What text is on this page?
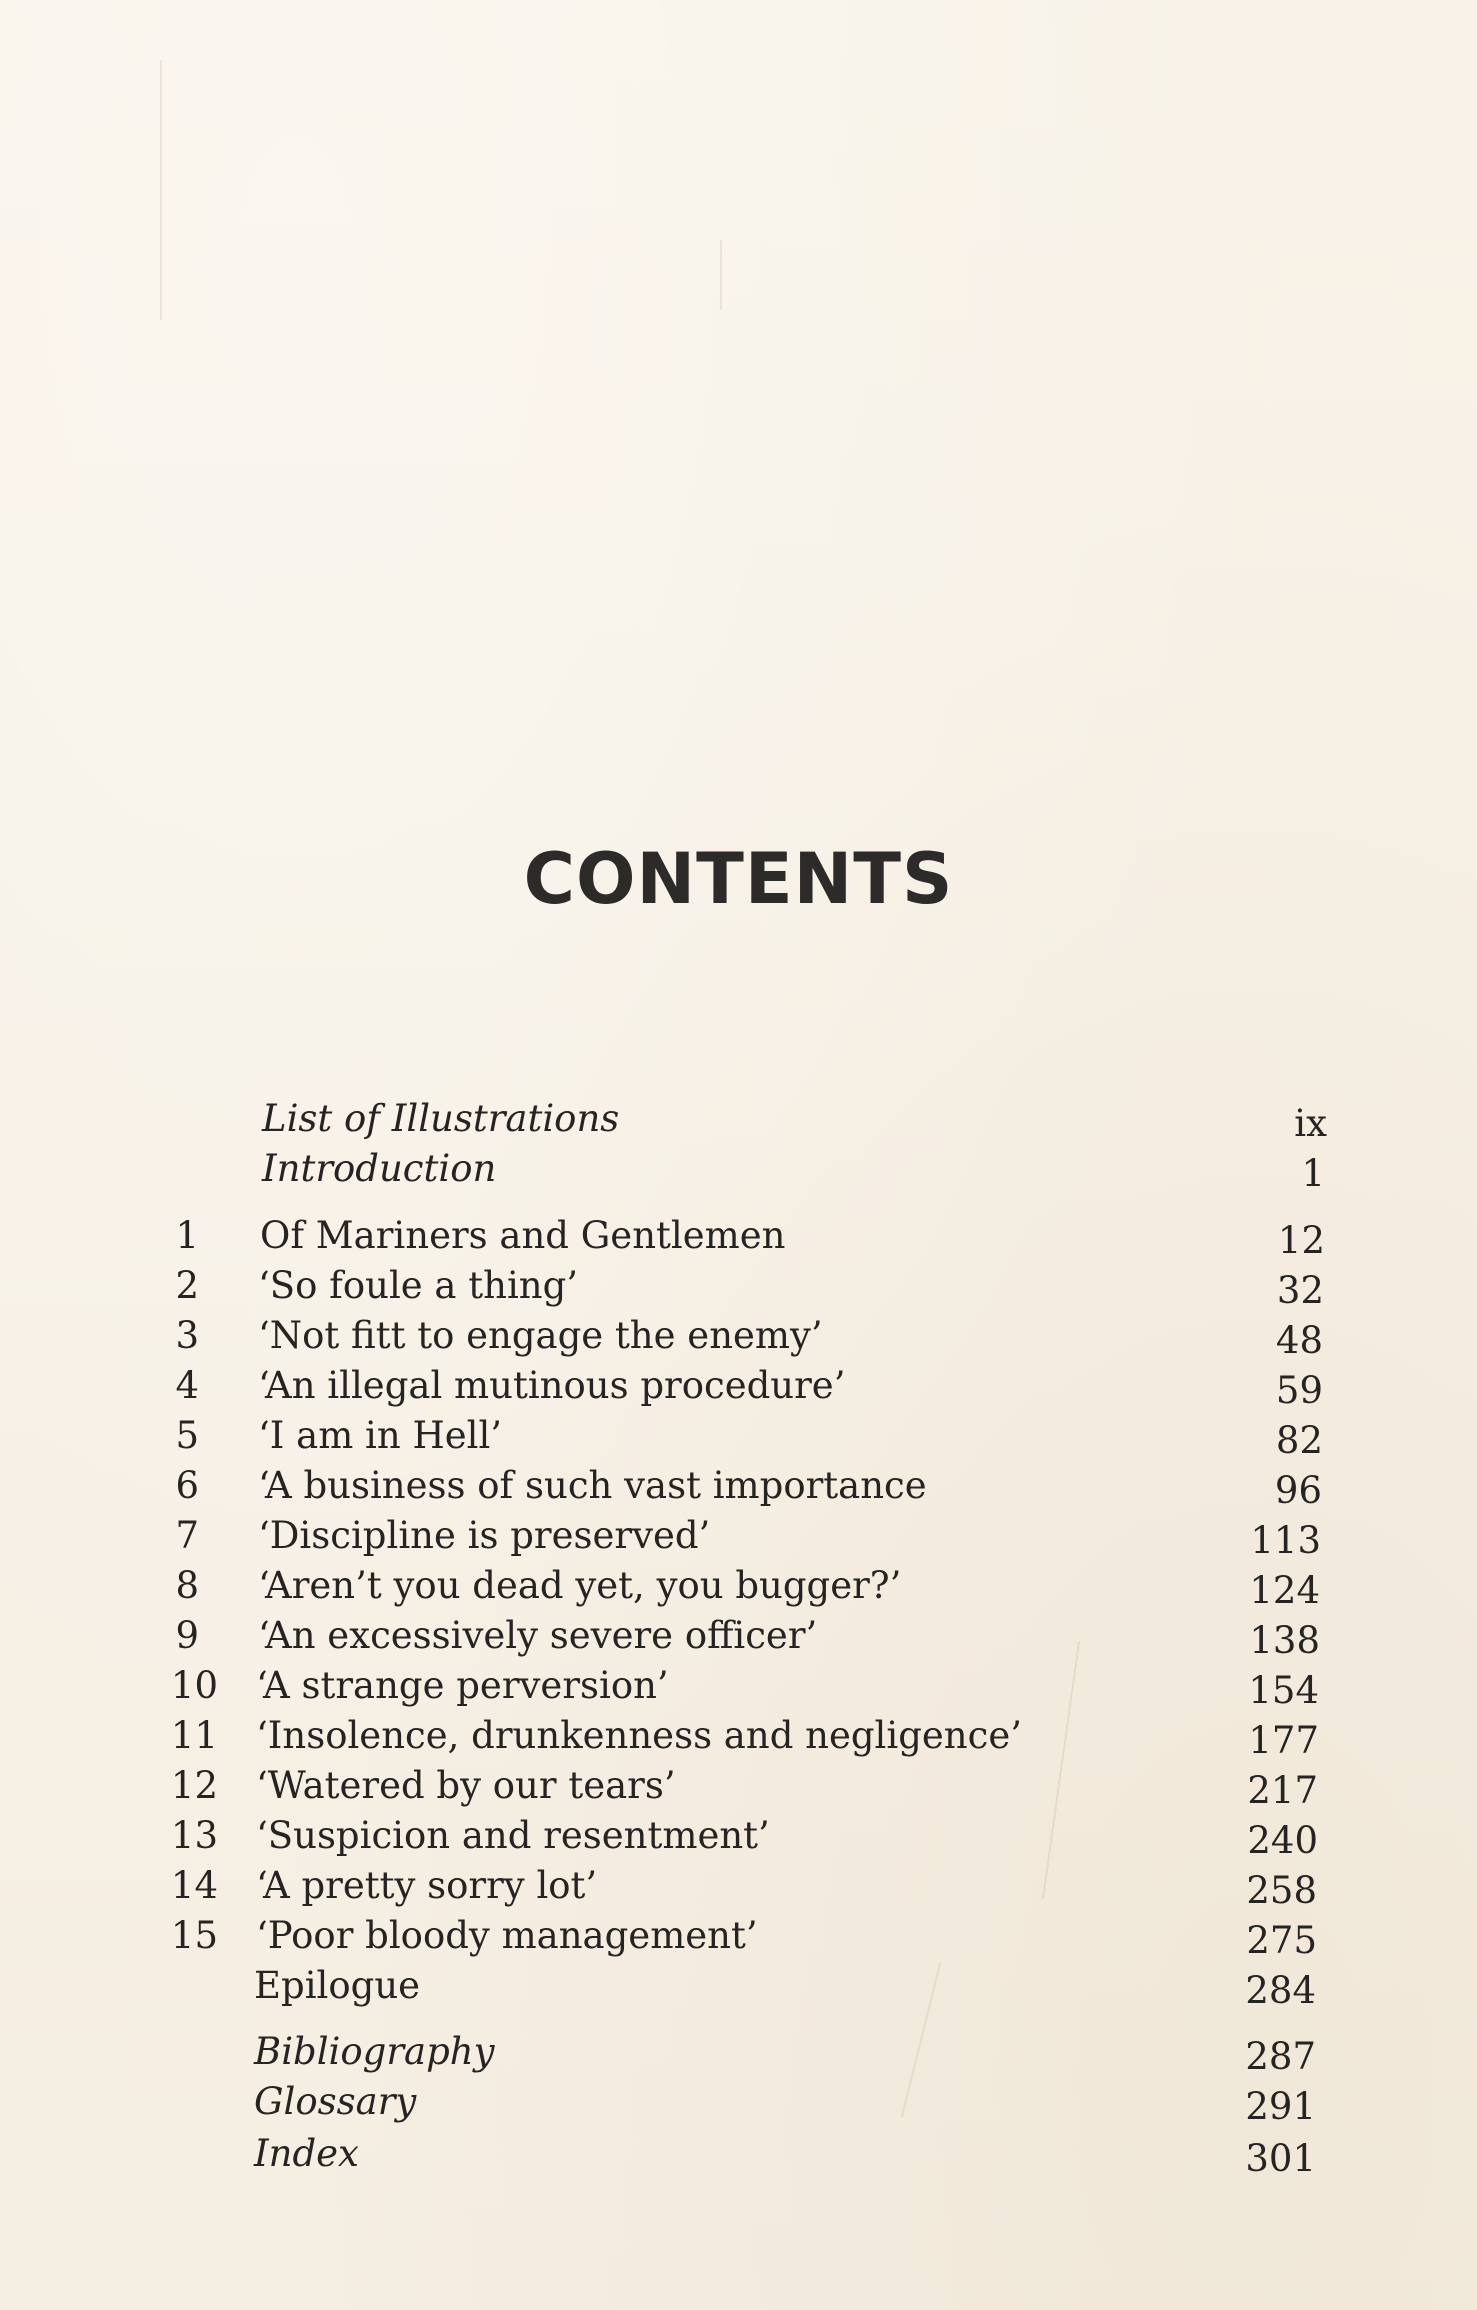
CONTENTS
List of Illustrations	ix
Introduction	1
1 Of Mariners and Gentlemen	12
2 ‘So foule a thing’	32
3 ‘Not fitt to engage the enemy’	48
4 ‘An illegal mutinous procedure’	59
5 ‘I am in Hell’	82
6 ‘A business of such vast importance	96
7 ‘Discipline is preserved’	113
8 ‘Aren’t you dead yet, you bugger?’	124
9 ‘An excessively severe officer’	138
10 ‘A strange perversion’	154
11 ‘Insolence, drunkenness and negligence’	177
12 ‘Watered by our tears’	217
13 ‘Suspicion and resentment’	240
14 ‘A pretty sorry lot’	258
15 ‘Poor bloody management’	275
Epilogue	284
Bibliography	287
Glossary	291
Index	301
